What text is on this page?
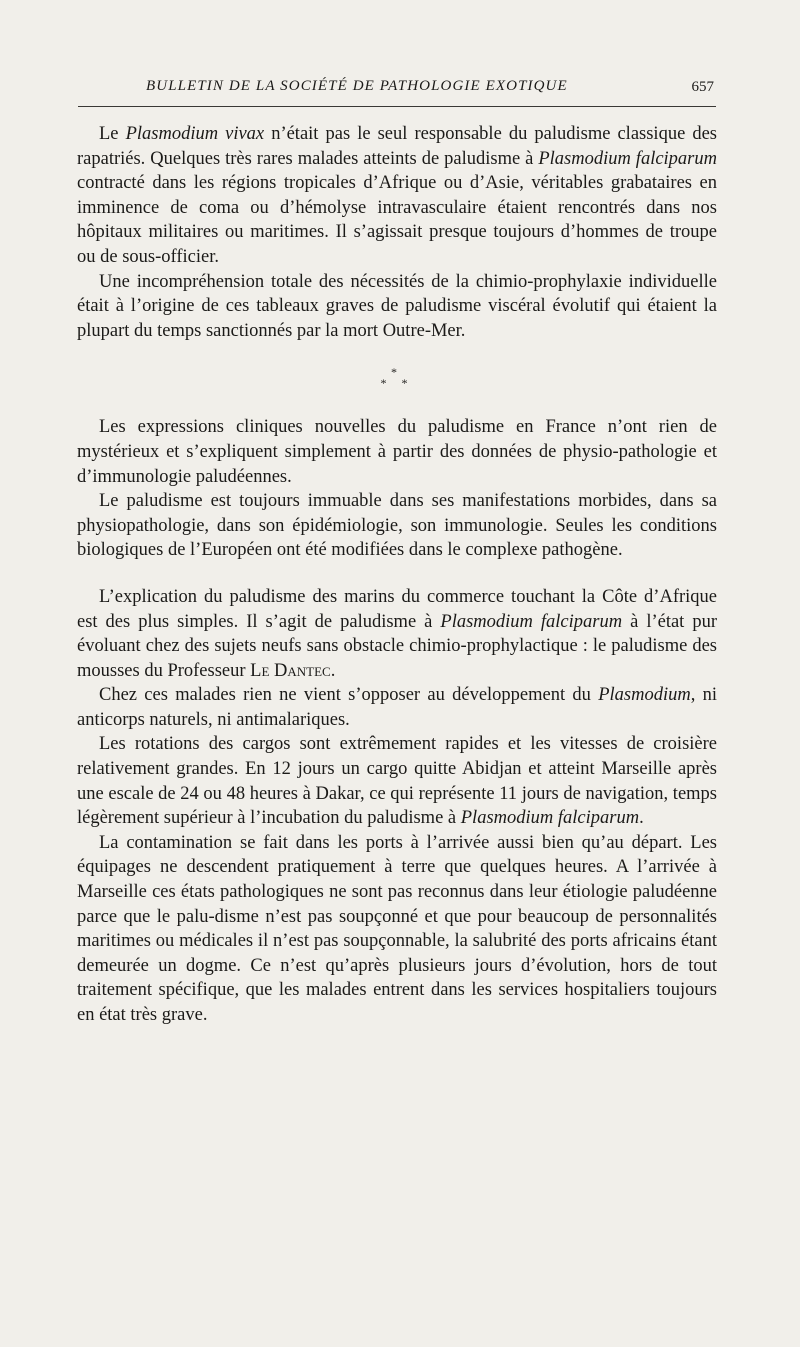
BULLETIN DE LA SOCIÉTÉ DE PATHOLOGIE EXOTIQUE	657

Le Plasmodium vivax n’était pas le seul responsable du paludisme classique des rapatriés. Quelques très rares malades atteints de paludisme à Plasmodium falciparum contracté dans les régions tropicales d’Afrique ou d’Asie, véritables grabataires en imminence de coma ou d’hémolyse intravasculaire étaient rencontrés dans nos hôpitaux militaires ou maritimes. Il s’agissait presque toujours d’hommes de troupe ou de sous-officier.

Une incompréhension totale des nécessités de la chimio-prophylaxie individuelle était à l’origine de ces tableaux graves de paludisme viscéral évolutif qui étaient la plupart du temps sanctionnés par la mort Outre-Mer.

*
* *

Les expressions cliniques nouvelles du paludisme en France n’ont rien de mystérieux et s’expliquent simplement à partir des données de physio-pathologie et d’immunologie paludéennes.

Le paludisme est toujours immuable dans ses manifestations morbides, dans sa physiopathologie, dans son épidémiologie, son immunologie. Seules les conditions biologiques de l’Européen ont été modifiées dans le complexe pathogène.

L’explication du paludisme des marins du commerce touchant la Côte d’Afrique est des plus simples. Il s’agit de paludisme à Plasmodium falciparum à l’état pur évoluant chez des sujets neufs sans obstacle chimio-prophylactique : le paludisme des mousses du Professeur Le Dantec.

Chez ces malades rien ne vient s’opposer au développement du Plasmodium, ni anticorps naturels, ni antimalariques.

Les rotations des cargos sont extrêmement rapides et les vitesses de croisière relativement grandes. En 12 jours un cargo quitte Abidjan et atteint Marseille après une escale de 24 ou 48 heures à Dakar, ce qui représente 11 jours de navigation, temps légèrement supérieur à l’incubation du paludisme à Plasmodium falciparum.

La contamination se fait dans les ports à l’arrivée aussi bien qu’au départ. Les équipages ne descendent pratiquement à terre que quelques heures. A l’arrivée à Marseille ces états pathologiques ne sont pas reconnus dans leur étiologie paludéenne parce que le palu-disme n’est pas soupçonné et que pour beaucoup de personnalités maritimes ou médicales il n’est pas soupçonnable, la salubrité des ports africains étant demeurée un dogme. Ce n’est qu’après plusieurs jours d’évolution, hors de tout traitement spécifique, que les malades entrent dans les services hospitaliers toujours en état très grave.
